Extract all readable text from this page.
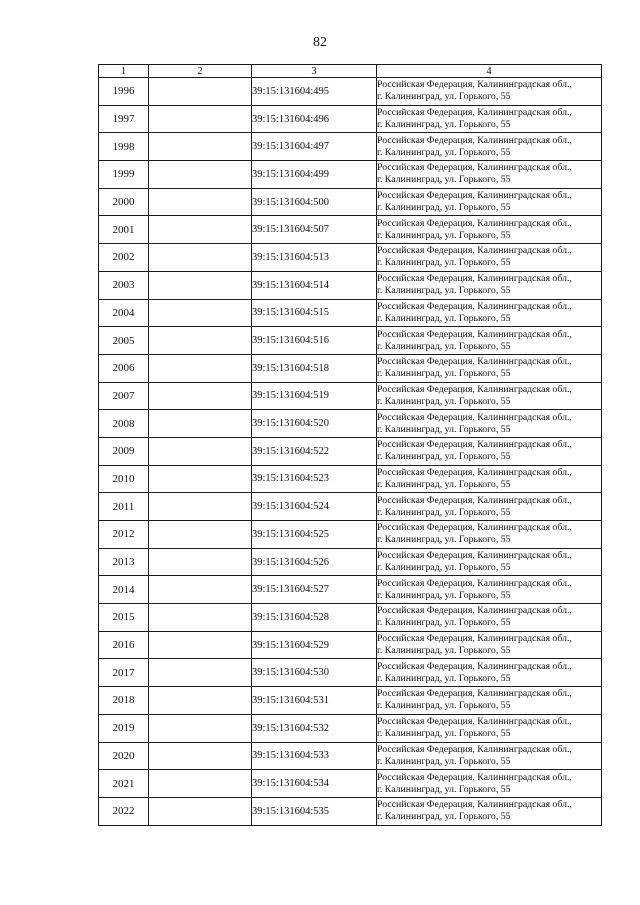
82
1	2	3	4
1996		39:15:131604:495	Российская Федерация, Калининградская обл.,
г. Калининград, ул. Горького, 55

1997		39:15:131604:496	Российская Федерация, Калининградская обл.,
г. Калининград, ул. Горького, 55

1998		39:15:131604:497	Российская Федерация, Калининградская обл.,
г. Калининград, ул. Горького, 55

1999		39:15:131604:499	Российская Федерация, Калининградская обл.,
г. Калининград, ул. Горького, 55

2000		39:15:131604:500	Российская Федерация, Калининградская обл.,
г. Калининград, ул. Горького, 55

2001		39:15:131604:507	Российская Федерация, Калининградская обл.,
г. Калининград, ул. Горького, 55

2002		39:15:131604:513	Российская Федерация, Калининградская обл.,
г. Калининград, ул. Горького, 55

2003		39:15:131604:514	Российская Федерация, Калининградская обл.,
г. Калининград, ул. Горького, 55

2004		39:15:131604:515	Российская Федерация, Калининградская обл.,
г. Калининград, ул. Горького, 55

2005		39:15:131604:516	Российская Федерация, Калининградская обл.,
г. Калининград, ул. Горького, 55

2006		39:15:131604:518	Российская Федерация, Калининградская обл.,
г. Калининград, ул. Горького, 55

2007		39:15:131604:519	Российская Федерация, Калининградская обл.,
г. Калининград, ул. Горького, 55

2008		39:15:131604:520	Российская Федерация, Калининградская обл.,
г. Калининград, ул. Горького, 55

2009		39:15:131604:522	Российская Федерация, Калининградская обл.,
г. Калининград, ул. Горького, 55

2010		39:15:131604:523	Российская Федерация, Калининградская обл.,
г. Калининград, ул. Горького, 55

2011		39:15:131604:524	Российская Федерация, Калининградская обл.,
г. Калининград, ул. Горького, 55

2012		39:15:131604:525	Российская Федерация, Калининградская обл.,
г. Калининград, ул. Горького, 55

2013		39:15:131604:526	Российская Федерация, Калининградская обл.,
г. Калининград, ул. Горького, 55

2014		39:15:131604:527	Российская Федерация, Калининградская обл.,
г. Калининград, ул. Горького, 55

2015		39:15:131604:528	Российская Федерация, Калининградская обл.,
г. Калининград, ул. Горького, 55

2016		39:15:131604:529	Российская Федерация, Калининградская обл.,
г. Калининград, ул. Горького, 55

2017		39:15:131604:530	Российская Федерация, Калининградская обл.,
г. Калининград, ул. Горького, 55

2018		39:15:131604:531	Российская Федерация, Калининградская обл.,
г. Калининград, ул. Горького, 55

2019		39:15:131604:532	Российская Федерация, Калининградская обл.,
г. Калининград, ул. Горького, 55

2020		39:15:131604:533	Российская Федерация, Калининградская обл.,
г. Калининград, ул. Горького, 55

2021		39:15:131604:534	Российская Федерация, Калининградская обл.,
г. Калининград, ул. Горького, 55

2022		39:15:131604:535	Российская Федерация, Калининградская обл.,
г. Калининград, ул. Горького, 55
